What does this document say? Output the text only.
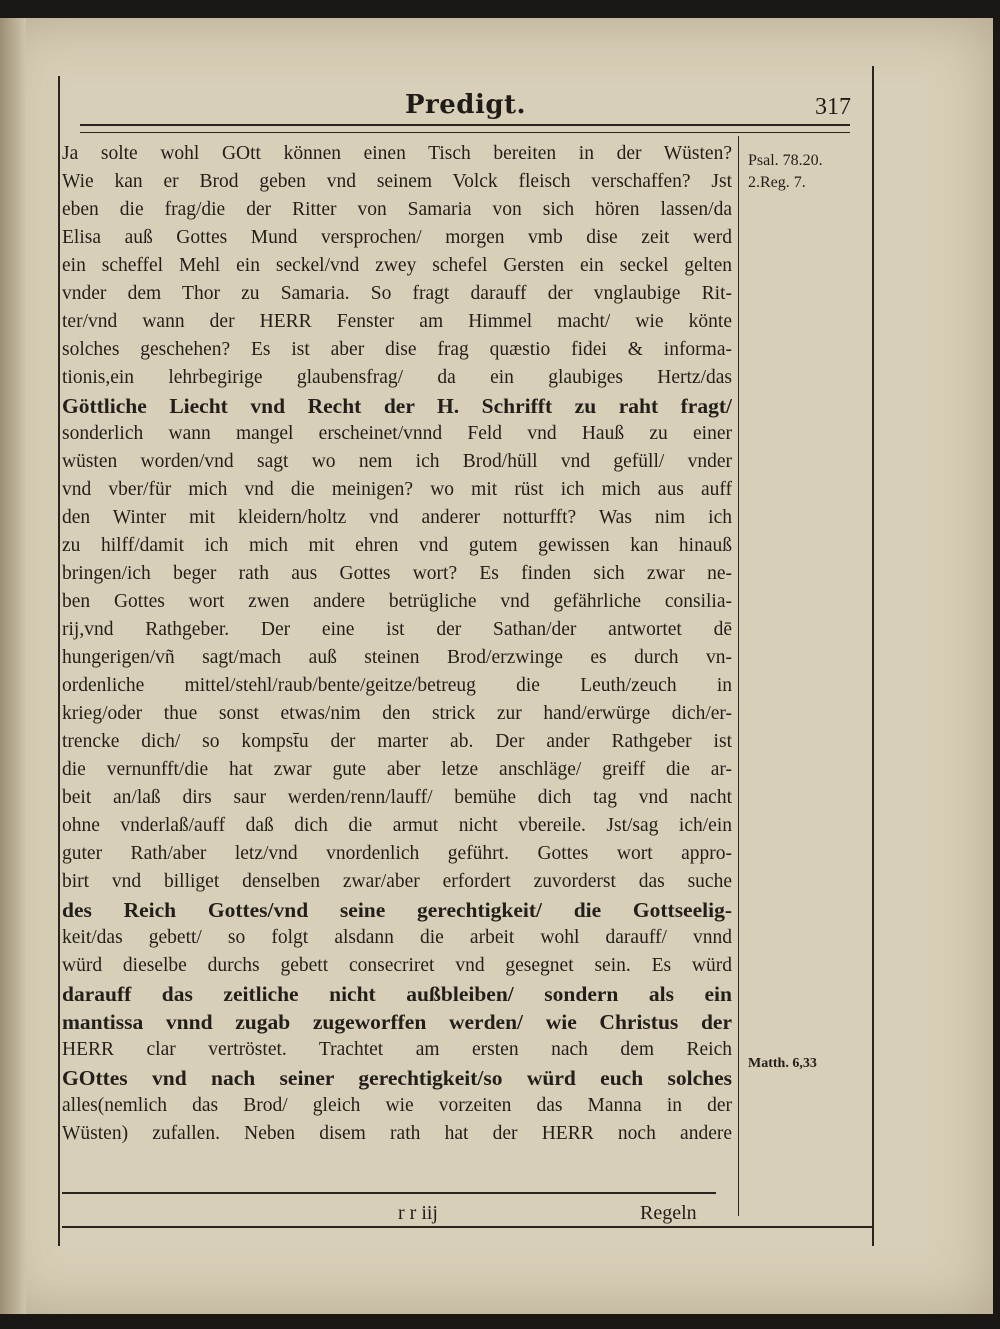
Predigt.	317
Ja solte wohl GOtt können einen Tisch bereiten in der Wüsten?
Wie kan er Brod geben vnd seinem Volck fleisch verschaffen? Jst
eben die frag/die der Ritter von Samaria von sich hören lassen/da
Elisa auß Gottes Mund versprochen/ morgen vmb dise zeit werd
ein scheffel Mehl ein seckel/vnd zwey schefel Gersten ein seckel gelten
vnder dem Thor zu Samaria. So fragt darauff der vnglaubige Rit-
ter/vnd wann der HERR Fenster am Himmel macht/ wie könte
solches geschehen? Es ist aber dise frag quæstio fidei & informa-
tionis,ein lehrbegirige glaubensfrag/ da ein glaubiges Hertz/das
Göttliche Liecht vnd Recht der H. Schrifft zu raht fragt/
sonderlich wann mangel erscheinet/vnnd Feld vnd Hauß zu einer
wüsten worden/vnd sagt wo nem ich Brod/hüll vnd gefüll/ vnder
vnd vber/für mich vnd die meinigen? wo mit rüst ich mich aus auff
den Winter mit kleidern/holtz vnd anderer notturfft? Was nim ich
zu hilff/damit ich mich mit ehren vnd gutem gewissen kan hinauß
bringen/ich beger rath aus Gottes wort? Es finden sich zwar ne-
ben Gottes wort zwen andere betrügliche vnd gefährliche consilia-
rij,vnd Rathgeber. Der eine ist der Sathan/der antwortet dē
hungerigen/vñ sagt/mach auß steinen Brod/erzwinge es durch vn-
ordenliche mittel/stehl/raub/bente/geitze/betreug die Leuth/zeuch in
krieg/oder thue sonst etwas/nim den strick zur hand/erwürge dich/er-
trencke dich/ so kompst̄u der marter ab. Der ander Rathgeber ist
die vernunfft/die hat zwar gute aber letze anschläge/ greiff die ar-
beit an/laß dirs saur werden/renn/lauff/ bemühe dich tag vnd nacht
ohne vnderlaß/auff daß dich die armut nicht vbereile. Jst/sag ich/ein
guter Rath/aber letz/vnd vnordenlich geführt. Gottes wort appro-
birt vnd billiget denselben zwar/aber erfordert zuvorderst das suche
des Reich Gottes/vnd seine gerechtigkeit/ die Gottseelig-
keit/das gebett/ so folgt alsdann die arbeit wohl darauff/ vnnd
würd dieselbe durchs gebett consecriret vnd gesegnet sein. Es würd
darauff das zeitliche nicht außbleiben/ sondern als ein
mantissa vnnd zugab zugeworffen werden/ wie Christus der
HERR clar vertröstet. Trachtet am ersten nach dem Reich
GOttes vnd nach seiner gerechtigkeit/so würd euch solches
alles(nemlich das Brod/ gleich wie vorzeiten das Manna in der
Wüsten) zufallen. Neben disem rath hat der HERR noch andere
Psal. 78.20.
2.Reg. 7.
Matth. 6,33
r r iij	Regeln
